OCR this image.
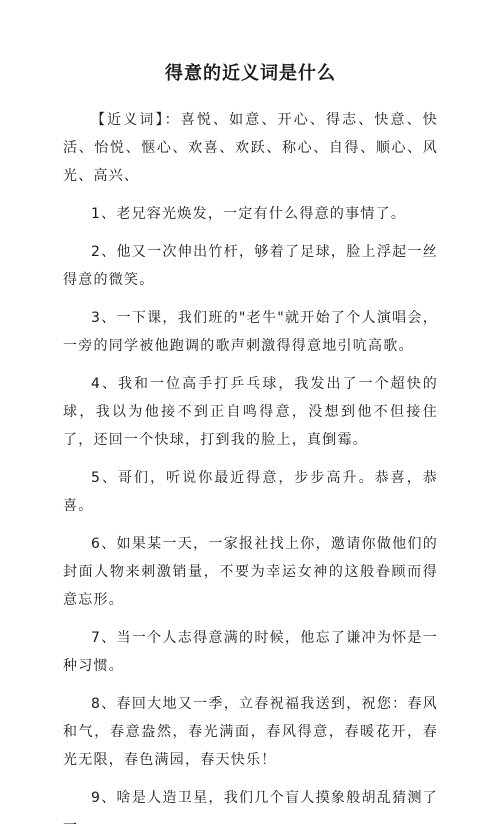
得意的近义词是什么

【近义词】：喜悦、如意、开心、得志、快意、快活、怡悦、惬心、欢喜、欢跃、称心、自得、顺心、风光、高兴、

1、老兄容光焕发，一定有什么得意的事情了。

2、他又一次伸出竹杆，够着了足球，脸上浮起一丝得意的微笑。

3、一下课，我们班的"老牛"就开始了个人演唱会，一旁的同学被他跑调的歌声刺激得得意地引吭高歌。

4、我和一位高手打乒乓球，我发出了一个超快的球，我以为他接不到正自鸣得意，没想到他不但接住了，还回一个快球，打到我的脸上，真倒霉。

5、哥们，听说你最近得意，步步高升。恭喜，恭喜。

6、如果某一天，一家报社找上你，邀请你做他们的封面人物来刺激销量，不要为幸运女神的这般眷顾而得意忘形。

7、当一个人志得意满的时候，他忘了谦冲为怀是一种习惯。

8、春回大地又一季，立春祝福我送到，祝您：春风和气，春意盎然，春光满面，春风得意，春暖花开，春光无限，春色满园，春天快乐！

9、啥是人造卫星，我们几个盲人摸象般胡乱猜测了一
